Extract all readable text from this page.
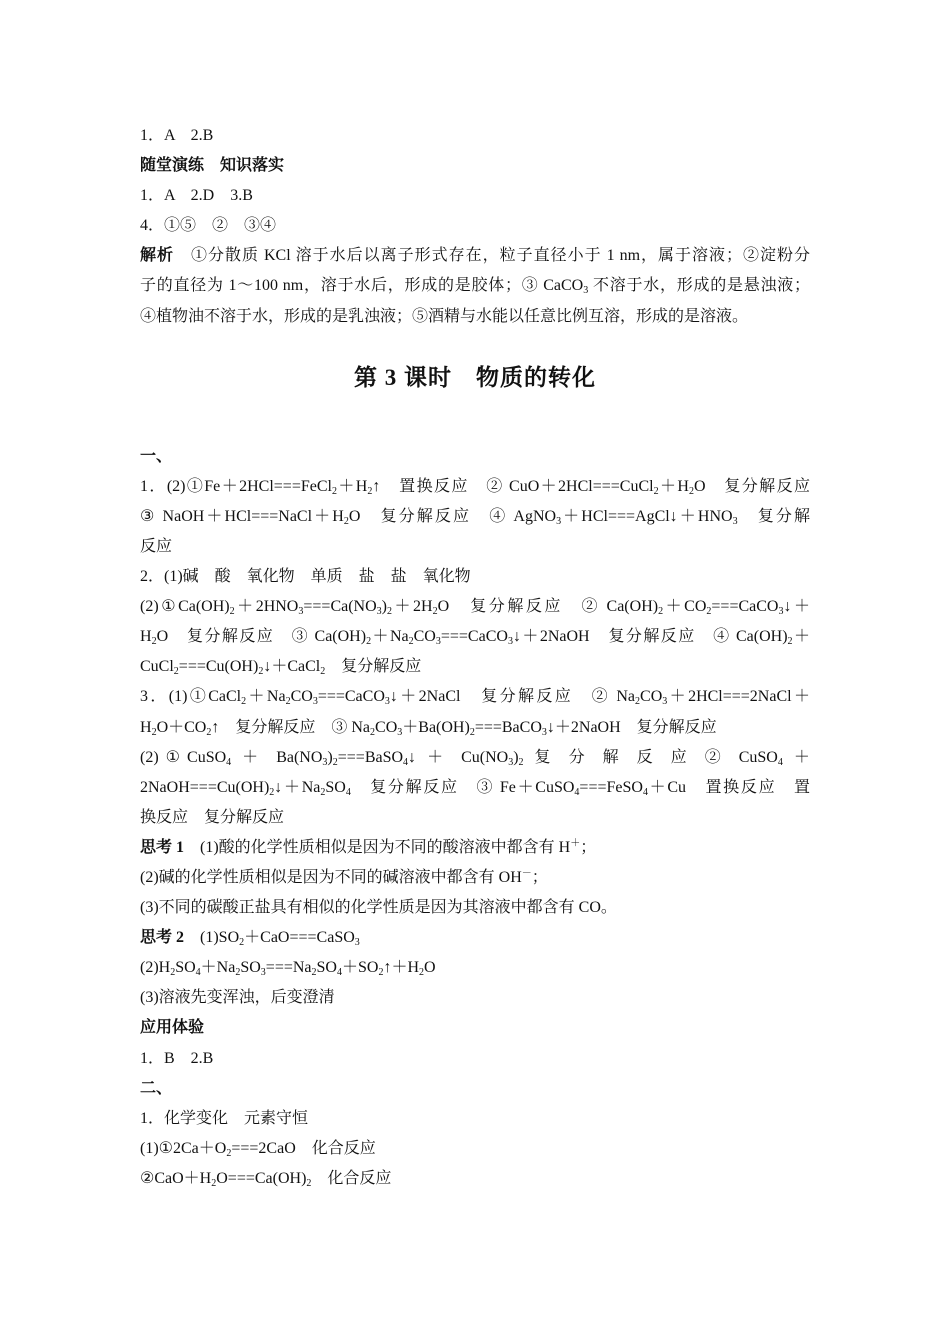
1．A　2.B
随堂演练　知识落实
1．A　2.D　3.B
4．①⑤　②　③④
解析　①分散质 KCl 溶于水后以离子形式存在，粒子直径小于 1 nm，属于溶液；②淀粉分
子的直径为 1～100 nm，溶于水后，形成的是胶体；③ CaCO$_3$ 不溶于水，形成的是悬浊液；
④植物油不溶于水，形成的是乳浊液；⑤酒精与水能以任意比例互溶，形成的是溶液。
第 3 课时　物质的转化
一、
1．$(2)①Fe+2HCl===FeCl_2+H_2↑$　置换反应　② $CuO+2HCl===CuCl_2+H_2O$　复分解反应
③ $NaOH+HCl===NaCl+H_2O$　复分解反应　④ $AgNO_3+HCl===AgCl↓+HNO_3$　复分解
反应
2．(1)碱　酸　氧化物　单质　盐　盐　氧化物
$(2)①Ca(OH)_2+2HNO_3===Ca(NO_3)_2+2H_2O$　复分解反应　② $Ca(OH)_2+CO_2===CaCO_3↓+$
$H_2O$　复分解反应　③ $Ca(OH)_2+Na_2CO_3===CaCO_3↓+2NaOH$　复分解反应　④ $Ca(OH)_2+$
$CuCl_2===Cu(OH)_2↓+CaCl_2$　复分解反应
3．$(1)①CaCl_2+Na_2CO_3===CaCO_3↓+2NaCl$　复分解反应　② $Na_2CO_3+2HCl===2NaCl+$
$H_2O+CO_2↑$　复分解反应　③ $Na_2CO_3+Ba(OH)_2===BaCO_3↓+2NaOH$　复分解反应
(2)①CuSO$_4$ ＋ $Ba(NO_3)_2===BaSO_4↓ + Cu(NO_3)_2$ 复 分 解 反 应 ② CuSO$_4$ ＋
$2NaOH===Cu(OH)_2↓+Na_2SO_4$　复分解反应　③ Fe＋CuSO$_4$===FeSO$_4$＋Cu　置换反应　置
换反应　复分解反应
思考 1　(1)酸的化学性质相似是因为不同的酸溶液中都含有 H＋；
(2)碱的化学性质相似是因为不同的碱溶液中都含有 OH－；
(3)不同的碳酸正盐具有相似的化学性质是因为其溶液中都含有 CO。
思考 2　$(1)SO_2+CaO===CaSO_3$
$(2)H_2SO_4+Na_2SO_3===Na_2SO_4+SO_2↑+H_2O$
(3)溶液先变浑浊，后变澄清
应用体验
1．B　2.B
二、
1．化学变化　元素守恒
$(1)①2Ca+O_2===2CaO$　化合反应
$②CaO+H_2O===Ca(OH)_2$　化合反应
